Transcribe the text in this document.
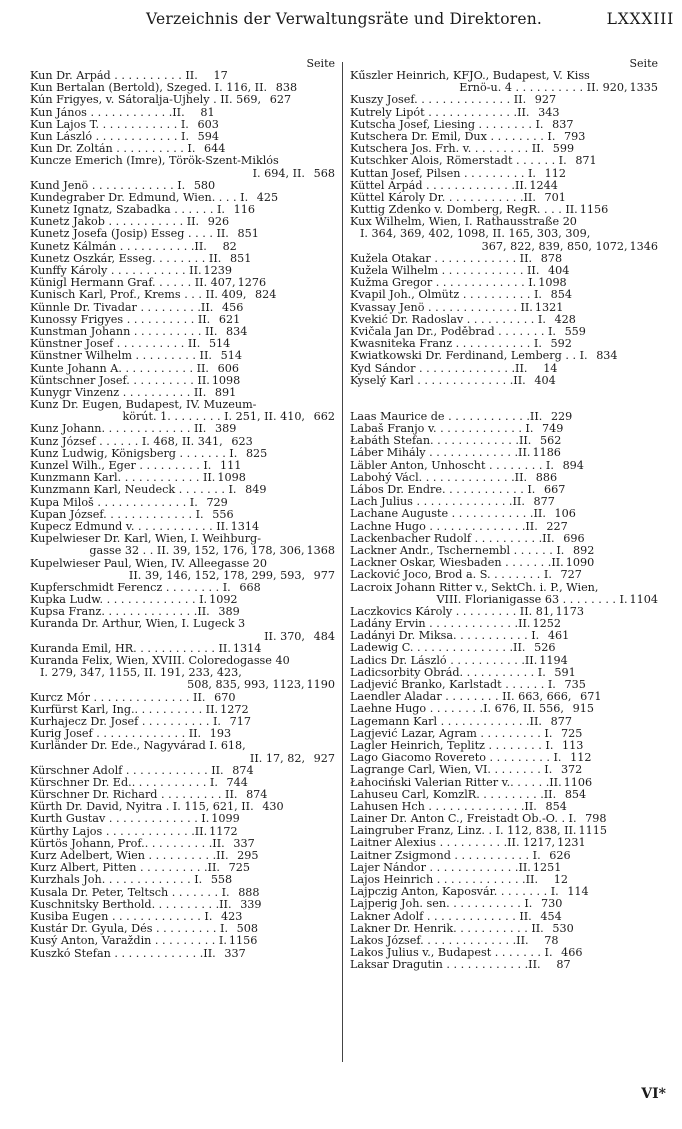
Verzeichnis der Verwaltungsräte und Direktoren.	LXXXIII
Seite
Kun Dr. Árpád . . . . . . . . . . II.	17
Kun Bertalan (Bertold), Szeged. I. 116, II. 838
Kún Frigyes, v. Sátoralja-Ujhely . II. 569, 627
Kun János . . . . . . . . . . . .II.	81
Kun Lajos T. . . . . . . . . . . . I. 603
Kun László . . . . . . . . . . . . I. 594
Kun Dr. Zoltán . . . . . . . . . . I. 644
Kuncze Emerich (Imre), Török-Szent-Miklós
I. 694, II. 568
Kund Jenö . . . . . . . . . . . . I. 580
Kundegraber Dr. Edmund, Wien. . . . I. 425
Kunetz Ignatz, Szabadka . . . . . . I. 116
Kunetz Jakob . . . . . . . . . . . II. 926
Kunetz Josefa (Josip) Esseg . . . . II. 851
Kunetz Kálmán . . . . . . . . . . .II.	82
Kunetz Oszkár, Esseg. . . . . . . . II. 851
Kunffy Károly . . . . . . . . . . . II. 1239
Künigl Hermann Graf. . . . . . II. 407, 1276
Kunisch Karl, Prof., Krems . . . II. 409, 824
Künnle Dr. Tivadar . . . . . . . . .II. 456
Kunossy Frigyes . . . . . . . . . . II. 621
Kunstman Johann . . . . . . . . . . II. 834
Künstner Josef . . . . . . . . . . II. 514
Künstner Wilhelm . . . . . . . . . II. 514
Kunte Johann A. . . . . . . . . . . II. 606
Küntschner Josef. . . . . . . . . . II. 1098
Kunygr Vinzenz . . . . . . . . . . II. 891
Kunz Dr. Eugen, Budapest, IV. Muzeum-
körút. 1. . . . . . . . I. 251, II. 410, 662
Kunz Johann. . . . . . . . . . . . . II. 389
Kunz József . . . . . . I. 468, II. 341, 623
Kunz Ludwig, Königsberg . . . . . . . I. 825
Kunzel Wilh., Eger . . . . . . . . . I. 111
Kunzmann Karl. . . . . . . . . . . . II. 1098
Kunzmann Karl, Neudeck . . . . . . . I. 849
Kupa Miloš . . . . . . . . . . . . . I. 729
Kupan József. . . . . . . . . . . . . I. 556
Kupecz Edmund v. . . . . . . . . . . . II. 1314
Kupelwieser Dr. Karl, Wien, I. Weihburg-
gasse 32 . . II. 39, 152, 176, 178, 306, 1368
Kupelwieser Paul, Wien, IV. Alleegasse 20
II. 39, 146, 152, 178, 299, 593, 977
Kupferschmidt Ferencz . . . . . . . . I. 668
Kupka Ludw. . . . . . . . . . . . . . I. 1092
Kupsa Franz. . . . . . . . . . . . . .II. 389
Kuranda Dr. Arthur, Wien, I. Lugeck 3
II. 370, 484
Kuranda Emil, HR. . . . . . . . . . . . II. 1314
Kuranda Felix, Wien, XVIII. Coloredogasse 40
I. 279, 347, 1155, II. 191, 233, 423,
508, 835, 993, 1123, 1190
Kurcz Mór . . . . . . . . . . . . . . II. 670
Kurfürst Karl, Ing.. . . . . . . . . . II. 1272
Kurhajecz Dr. Josef . . . . . . . . . . I. 717
Kurig Josef . . . . . . . . . . . . . II. 193
Kurländer Dr. Ede., Nagyvárad I. 618,
II. 17, 82, 927
Kürschner Adolf . . . . . . . . . . . . II. 874
Kürschner Dr. Ed.. . . . . . . . . . . I. 744
Kürschner Dr. Richard . . . . . . . . . II. 874
Kürth Dr. David, Nyitra . I. 115, 621, II. 430
Kurth Gustav . . . . . . . . . . . . . I. 1099
Kürthy Lajos . . . . . . . . . . . . .II. 1172
Kürtös Johann, Prof.. . . . . . . . . .II. 337
Kurz Adelbert, Wien . . . . . . . . . .II. 295
Kurz Albert, Pitten . . . . . . . . . .II. 725
Kurzhals Joh. . . . . . . . . . . . . I. 558
Kusala Dr. Peter, Teltsch . . . . . . . I. 888
Kuschnitsky Berthold. . . . . . . . . .II. 339
Kusiba Eugen . . . . . . . . . . . . . I. 423
Kustár Dr. Gyula, Dés . . . . . . . . . I. 508
Kusý Anton, Varaždin . . . . . . . . . I. 1156
Kuszkó Stefan . . . . . . . . . . . . .II. 337
Seite
Kűszler Heinrich, KFJO., Budapest, V. Kiss
Ernö-u. 4 . . . . . . . . . . II. 920, 1335
Kuszy Josef. . . . . . . . . . . . . . II. 927
Kutrely Lipót . . . . . . . . . . . . .II. 343
Kutscha Josef, Liesing . . . . . . . . I. 837
Kutschera Dr. Emil, Dux . . . . . . . . I. 793
Kutschera Jos. Frh. v. . . . . . . . . II. 599
Kutschker Alois, Römerstadt . . . . . . I. 871
Kuttan Josef, Pilsen . . . . . . . . . I. 112
Küttel Árpád . . . . . . . . . . . . .II. 1244
Küttel Károly Dr. . . . . . . . . . . .II. 701
Kuttig Zdenko v. Domberg, RegR. . . . II. 1156
Kux Wilhelm, Wien, I. Rathausstraße 20
I. 364, 369, 402, 1098, II. 165, 303, 309,
367, 822, 839, 850, 1072, 1346
Kuželа Otakar . . . . . . . . . . . . II. 878
Kužela Wilhelm . . . . . . . . . . . . II. 404
Kužma Gregor . . . . . . . . . . . . . I. 1098
Kvapil Joh., Olmütz . . . . . . . . . . I. 854
Kvassay Jenö . . . . . . . . . . . . . II. 1321
Kvekić Dr. Radoslav . . . . . . . . . . I. 428
Kvičala Jan Dr., Poděbrad . . . . . . . I. 559
Kwasniteka Franz . . . . . . . . . . . I. 592
Kwiatkowski Dr. Ferdinand, Lemberg . . I. 834
Kyd Sándor . . . . . . . . . . . . . .II.	14
Kyselý Karl . . . . . . . . . . . . . .II. 404
Laas Maurice de . . . . . . . . . . . .II. 229
Labaš Franjo v. . . . . . . . . . . . . I. 749
Łabáth Stefan. . . . . . . . . . . . .II. 562
Láber Mihály . . . . . . . . . . . . .II. 1186
Läbler Anton, Unhoscht . . . . . . . . I. 894
Labohý Václ. . . . . . . . . . . . . .II. 886
Lábos Dr. Endre. . . . . . . . . . . . I. 667
Lach Julius . . . . . . . . . . . . . .II. 877
Lachane Auguste . . . . . . . . . . . .II. 106
Lachne Hugo . . . . . . . . . . . . . .II. 227
Lackenbacher Rudolf . . . . . . . . . .II. 696
Lackner Andr., Tschernembl . . . . . . I. 892
Lackner Oskar, Wiesbaden . . . . . . .II. 1090
Lacković Joco, Brod a. S. . . . . . . . I. 727
Lacroix Johann Ritter v., SektCh. i. P., Wien,
VIII. Florianigasse 63 . . . . . . . . I. 1104
Laczkovics Károly . . . . . . . . . II. 81, 1173
Ladány Ervin . . . . . . . . . . . . .II. 1252
Ladányi Dr. Miksa. . . . . . . . . . . I. 461
Ladewig C. . . . . . . . . . . . . . .II. 526
Ladics Dr. László . . . . . . . . . . .II. 1194
Ladicsorbity Obrád. . . . . . . . . . . I. 591
Ladjević Branko, Karlstadt . . . . . . I. 735
Laendler Aladar . . . . . . . . II. 663, 666, 671
Laehne Hugo . . . . . . . .I. 676, II. 556, 915
Lagemann Karl . . . . . . . . . . . . .II. 877
Lagjević Lazar, Agram . . . . . . . . . I. 725
Lagler Heinrich, Teplitz . . . . . . . . I. 113
Lago Giacomo Rovereto . . . . . . . . . I. 112
Lagrange Carl, Wien, VI. . . . . . . . I. 372
Łahociński Valerian Ritter v.. . . . . .II. 1106
Lahuseu Carl, KomzlR. . . . . . . . . .II. 854
Lahusen Hch . . . . . . . . . . . . . .II. 854
Lainer Dr. Anton C., Freistadt Ob.-Ö. . I. 798
Laingruber Franz, Linz. . I. 112, 838, II. 1115
Laitner Alexius . . . . . . . . . .II. 1217, 1231
Laitner Zsigmond . . . . . . . . . . . I. 626
Lajer Nándor . . . . . . . . . . . . .II. 1251
Lajos Heinrich . . . . . . . . . . . . .II.	12
Lajpczig Anton, Kaposvár. . . . . . . . I. 114
Lajperig Joh. sen. . . . . . . . . . . I. 730
Lakner Adolf . . . . . . . . . . . . . II. 454
Lakner Dr. Henrik. . . . . . . . . . . II. 530
Lakos József. . . . . . . . . . . . . .II.	78
Lakos Julius v., Budapest . . . . . . . I. 466
Laksar Dragutin . . . . . . . . . . . .II.	87
VI*
